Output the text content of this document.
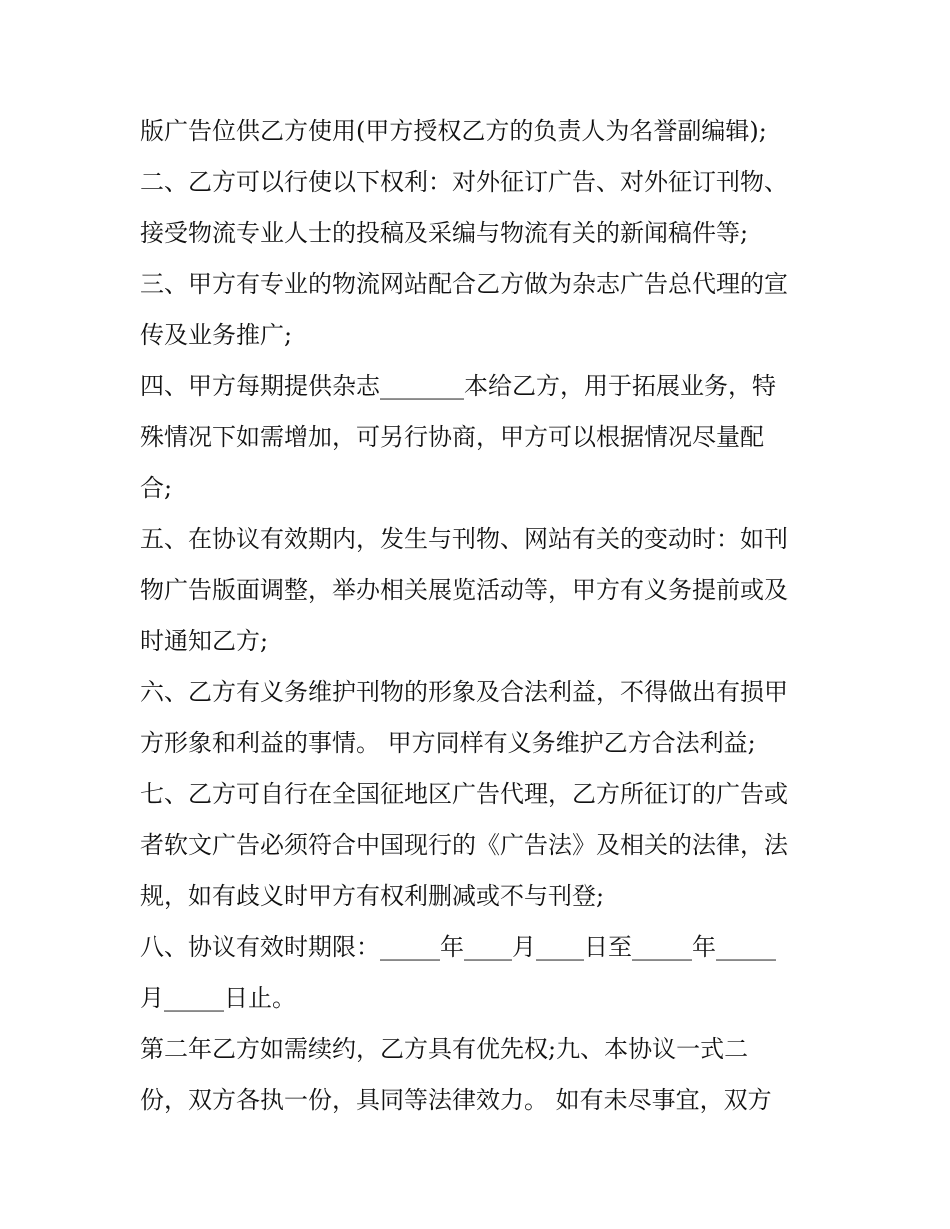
版广告位供乙方使用(甲方授权乙方的负责人为名誉副编辑);
二、乙方可以行使以下权利：对外征订广告、对外征订刊物、
接受物流专业人士的投稿及采编与物流有关的新闻稿件等;
三、甲方有专业的物流网站配合乙方做为杂志广告总代理的宣
传及业务推广;
四、甲方每期提供杂志_______本给乙方，用于拓展业务，特
殊情况下如需增加，可另行协商，甲方可以根据情况尽量配
合;
五、在协议有效期内，发生与刊物、网站有关的变动时：如刊
物广告版面调整，举办相关展览活动等，甲方有义务提前或及
时通知乙方;
六、乙方有义务维护刊物的形象及合法利益，不得做出有损甲
方形象和利益的事情。 甲方同样有义务维护乙方合法利益;
七、乙方可自行在全国征地区广告代理，乙方所征订的广告或
者软文广告必须符合中国现行的《广告法》及相关的法律，法
规，如有歧义时甲方有权利删减或不与刊登;
八、协议有效时期限：_____年____月____日至_____年_____
月_____日止。
第二年乙方如需续约，乙方具有优先权;九、本协议一式二
份，双方各执一份，具同等法律效力。 如有未尽事宜，双方
